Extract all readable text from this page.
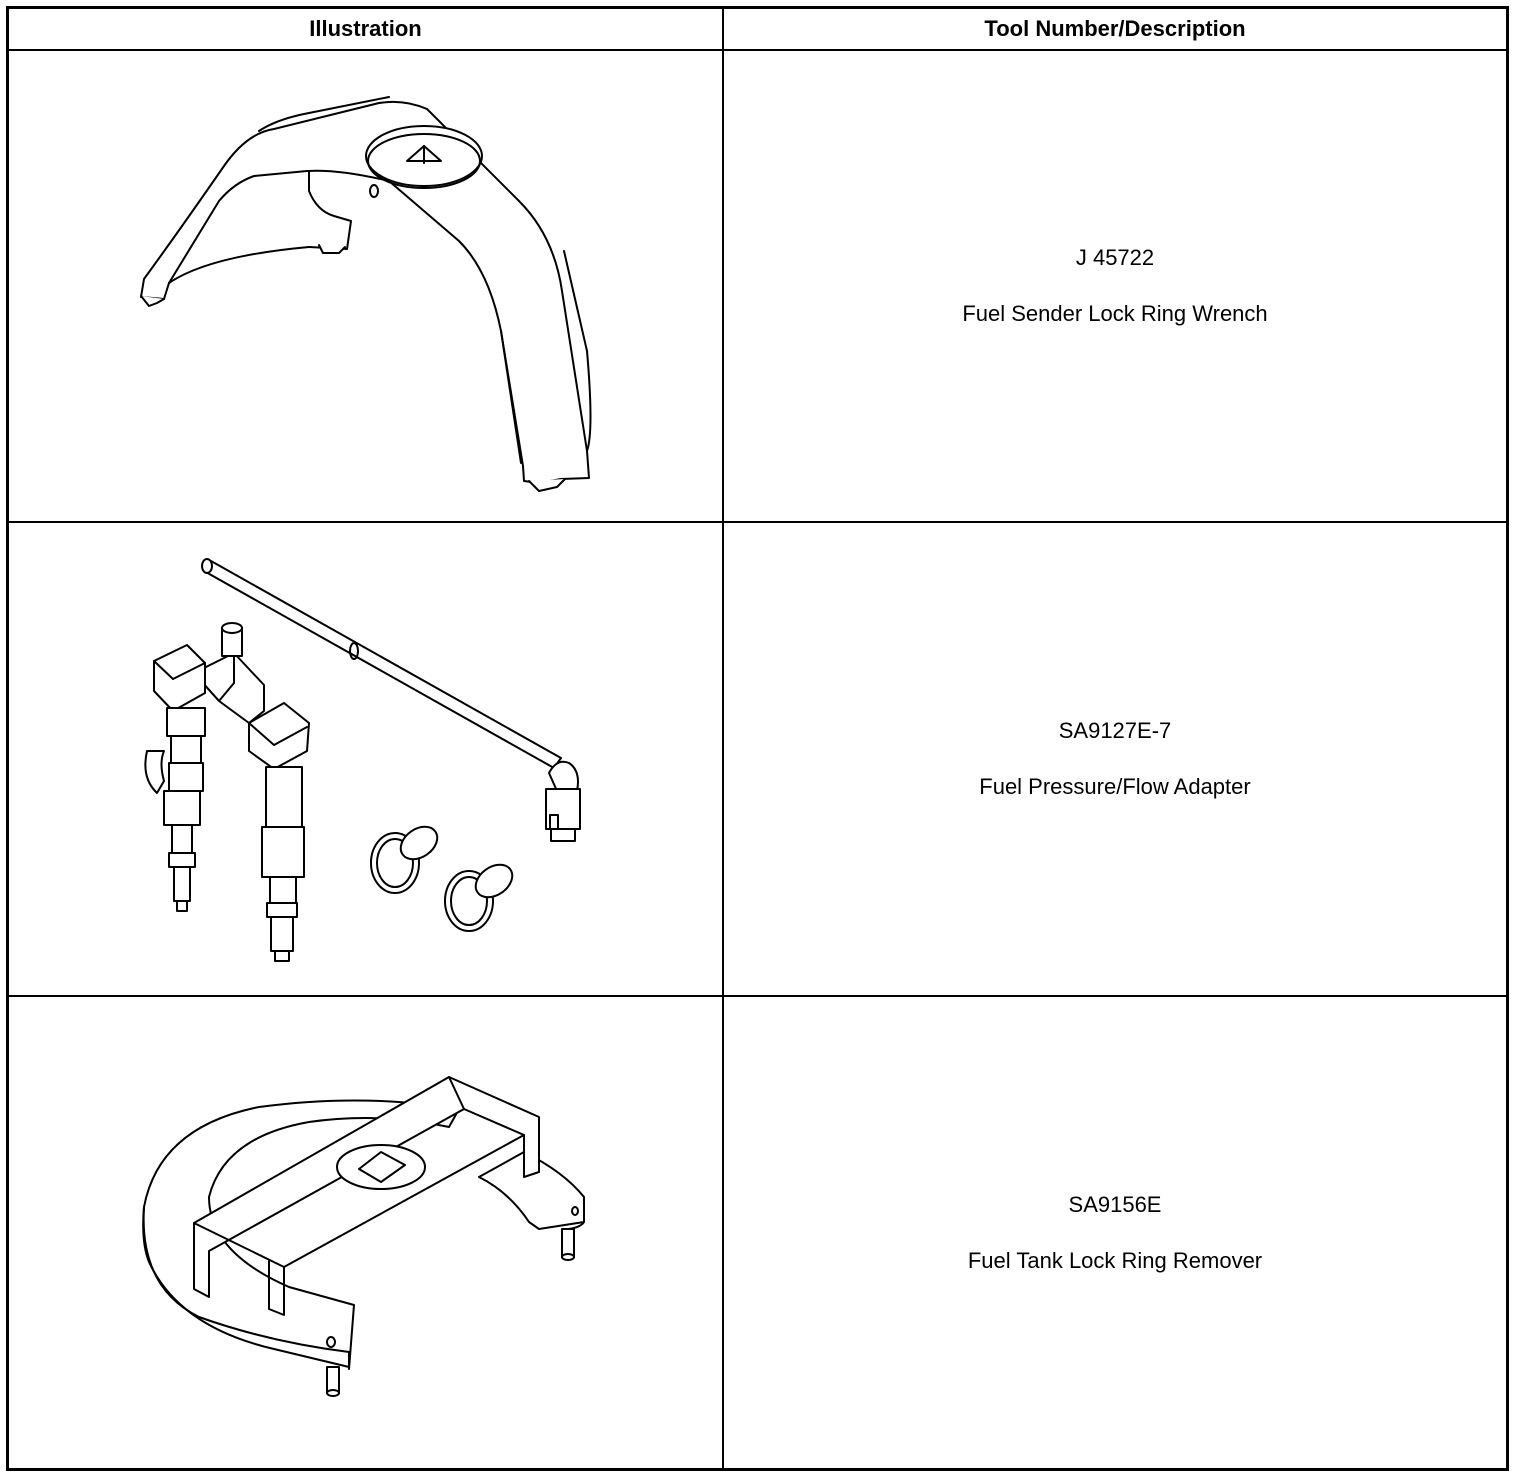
Illustration	Tool Number/Description
J 45722
Fuel Sender Lock Ring Wrench
SA9127E-7
Fuel Pressure/Flow Adapter
SA9156E
Fuel Tank Lock Ring Remover
